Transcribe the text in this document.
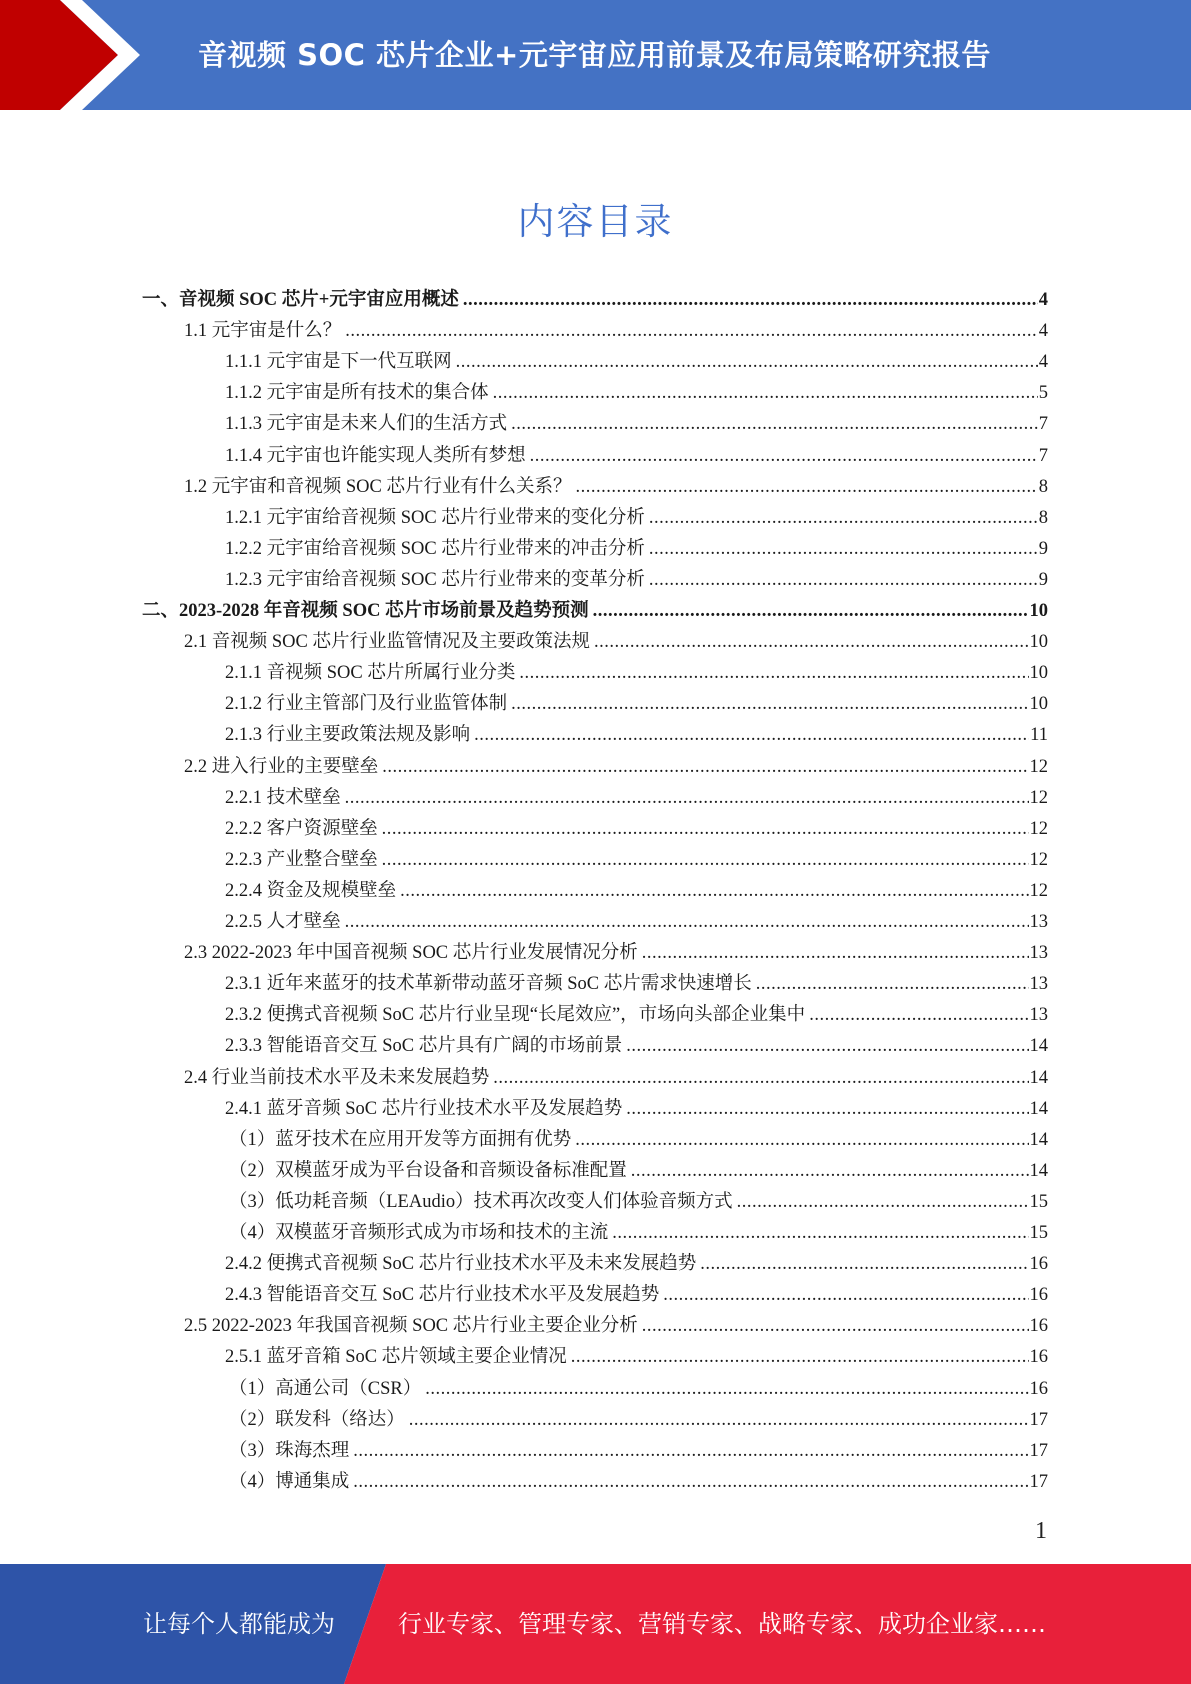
音视频 SOC 芯片企业+元宇宙应用前景及布局策略研究报告
内容目录
一、音视频 SOC 芯片+元宇宙应用概述 .....	4
1.1 元宇宙是什么？ .....	4
1.1.1 元宇宙是下一代互联网 .....	4
1.1.2 元宇宙是所有技术的集合体 .....	5
1.1.3 元宇宙是未来人们的生活方式 .....	7
1.1.4 元宇宙也许能实现人类所有梦想 .....	7
1.2 元宇宙和音视频 SOC 芯片行业有什么关系？ .....	8
1.2.1 元宇宙给音视频 SOC 芯片行业带来的变化分析 .....	8
1.2.2 元宇宙给音视频 SOC 芯片行业带来的冲击分析 .....	9
1.2.3 元宇宙给音视频 SOC 芯片行业带来的变革分析 .....	9
二、2023-2028 年音视频 SOC 芯片市场前景及趋势预测 .....	10
2.1 音视频 SOC 芯片行业监管情况及主要政策法规 .....	10
2.1.1 音视频 SOC 芯片所属行业分类 .....	10
2.1.2 行业主管部门及行业监管体制 .....	10
2.1.3 行业主要政策法规及影响 .....	11
2.2 进入行业的主要壁垒 .....	12
2.2.1 技术壁垒 .....	12
2.2.2 客户资源壁垒 .....	12
2.2.3 产业整合壁垒 .....	12
2.2.4 资金及规模壁垒 .....	12
2.2.5 人才壁垒 .....	13
2.3 2022-2023 年中国音视频 SOC 芯片行业发展情况分析 .....	13
2.3.1 近年来蓝牙的技术革新带动蓝牙音频 SoC 芯片需求快速增长 .....	13
2.3.2 便携式音视频 SoC 芯片行业呈现“长尾效应”，市场向头部企业集中 .....	13
2.3.3 智能语音交互 SoC 芯片具有广阔的市场前景 .....	14
2.4 行业当前技术水平及未来发展趋势 .....	14
2.4.1 蓝牙音频 SoC 芯片行业技术水平及发展趋势 .....	14
（1）蓝牙技术在应用开发等方面拥有优势 .....	14
（2）双模蓝牙成为平台设备和音频设备标准配置 .....	14
（3）低功耗音频（LEAudio）技术再次改变人们体验音频方式 .....	15
（4）双模蓝牙音频形式成为市场和技术的主流 .....	15
2.4.2 便携式音视频 SoC 芯片行业技术水平及未来发展趋势 .....	16
2.4.3 智能语音交互 SoC 芯片行业技术水平及发展趋势 .....	16
2.5 2022-2023 年我国音视频 SOC 芯片行业主要企业分析 .....	16
2.5.1 蓝牙音箱 SoC 芯片领域主要企业情况 .....	16
（1）高通公司（CSR） .....	16
（2）联发科（络达） .....	17
（3）珠海杰理 .....	17
（4）博通集成 .....	17
1
让每个人都能成为	行业专家、管理专家、营销专家、战略专家、成功企业家……
